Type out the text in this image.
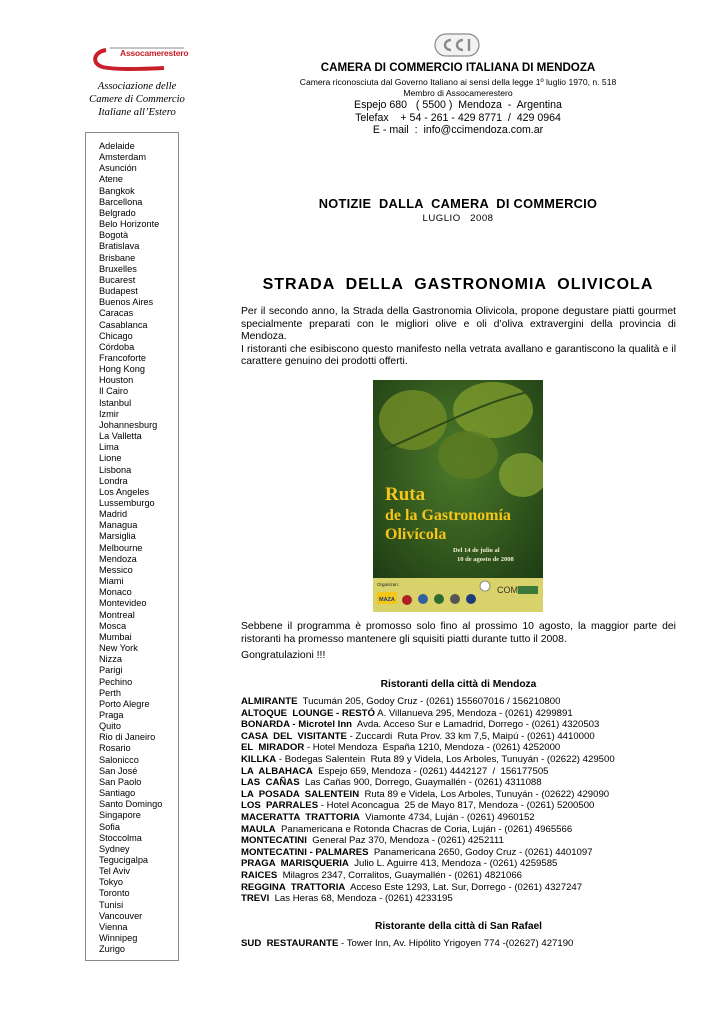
Assocamerestero
Associazione delle
Camere di Commercio
Italiane all’Estero
Adelaide
Amsterdam
Asunción
Atene
Bangkok
Barcellona
Belgrado
Belo Horizonte
Bogotà
Bratislava
Brisbane
Bruxelles
Bucarest
Budapest
Buenos Aires
Caracas
Casablanca
Chicago
Córdoba
Francoforte
Hong Kong
Houston
Il Cairo
Istanbul
Izmir
Johannesburg
La Valletta
Lima
Lione
Lisbona
Londra
Los Angeles
Lussemburgo
Madrid
Managua
Marsiglia
Melbourne
Mendoza
Messico
Miami
Monaco
Montevideo
Montreal
Mosca
Mumbai
New York
Nizza
Parigi
Pechino
Perth
Porto Alegre
Praga
Quito
Rio di Janeiro
Rosario
Salonicco
San José
San Paolo
Santiago
Santo Domingo
Singapore
Sofia
Stoccolma
Sydney
Tegucigalpa
Tel Aviv
Tokyo
Toronto
Tunisi
Vancouver
Vienna
Winnipeg
Zurigo
CAMERA DI COMMERCIO ITALIANA DI MENDOZA
Camera riconosciuta dal Governo Italiano ai sensi della legge 1º luglio 1970, n. 518
Membro di Assocamerestero
Espejo 680   ( 5500 )  Mendoza  -  Argentina
Telefax    + 54 - 261 - 429 8771  /  429 0964
E - mail  :  info@ccimendoza.com.ar
NOTIZIE  DALLA  CAMERA  DI COMMERCIO
LUGLIO   2008
STRADA  DELLA  GASTRONOMIA  OLIVICOLA

Per il secondo anno, la Strada della Gastronomia Olivicola, propone degustare piatti gourmet specialmente preparati con le migliori olive e oli d’oliva extravergini della provincia di Mendoza.

I ristoranti che esibiscono questo manifesto nella vetrata avallano e garantiscono la qualità e il carattere genuino dei prodotti offerti.

Ruta
de la Gastronomía
Olivícola
Del 14 de julio al
10 de agosto de 2008
Organizan:
MAZA
COM

Sebbene il programma è promosso solo fino al prossimo 10 agosto, la maggior parte dei ristoranti ha promesso mantenere gli squisiti piatti durante tutto il 2008.

Gongratulazioni !!!

Ristoranti della città di Mendoza
ALMIRANTE  Tucumán 205, Godoy Cruz - (0261) 155607016 / 156210800
ALTOQUE  LOUNGE - RESTÓ A. Villanueva 295, Mendoza - (0261) 4299891
BONARDA - Microtel Inn  Avda. Acceso Sur e Lamadrid, Dorrego - (0261) 4320503
CASA  DEL  VISITANTE - Zuccardi  Ruta Prov. 33 km 7,5, Maipú - (0261) 4410000
EL  MIRADOR - Hotel Mendoza  España 1210, Mendoza - (0261) 4252000
KILLKA - Bodegas Salentein  Ruta 89 y Videla, Los Arboles, Tunuyán - (02622) 429500
LA  ALBAHACA  Espejo 659, Mendoza - (0261) 4442127  /  156177505
LAS  CAÑAS  Las Cañas 900, Dorrego, Guaymallén - (0261) 4311088
LA  POSADA  SALENTEIN  Ruta 89 e Videla, Los Arboles, Tunuyán - (02622) 429090
LOS  PARRALES - Hotel Aconcagua  25 de Mayo 817, Mendoza - (0261) 5200500
MACERATTA  TRATTORIA  Viamonte 4734, Luján - (0261) 4960152
MAULA  Panamericana e Rotonda Chacras de Coria, Luján - (0261) 4965566
MONTECATINI  General Paz 370, Mendoza - (0261) 4252111
MONTECATINI - PALMARES  Panamericana 2650, Godoy Cruz - (0261) 4401097
PRAGA  MARISQUERIA  Julio L. Aguirre 413, Mendoza - (0261) 4259585
RAICES  Milagros 2347, Corralitos, Guaymallén - (0261) 4821066
REGGINA  TRATTORIA  Acceso Este 1293, Lat. Sur, Dorrego - (0261) 4327247
TREVI  Las Heras 68, Mendoza - (0261) 4233195
Ristorante della città di San Rafael
SUD  RESTAURANTE - Tower Inn, Av. Hipólito Yrigoyen 774 -(02627) 427190
